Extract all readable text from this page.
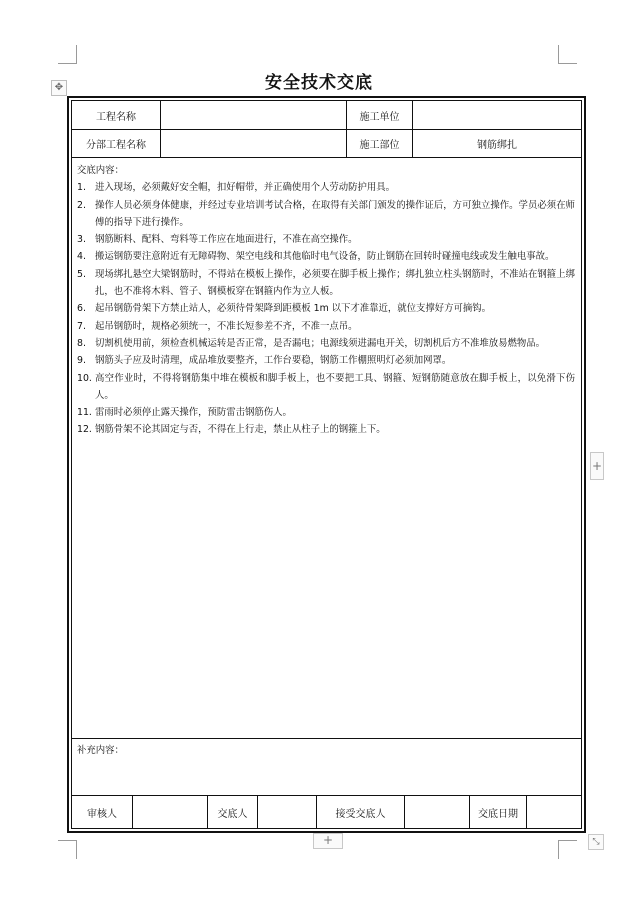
✥
+
+	⤡
安全技术交底
工程名称	施工单位
分部工程名称	施工部位	钢筋绑扎

交底内容：

1. 进入现场，必须戴好安全帽，扣好帽带，并正确使用个人劳动防护用具。
2. 操作人员必须身体健康，并经过专业培训考试合格，在取得有关部门颁发的操作证后，方可独立操作。学员必须在师傅的指导下进行操作。
3. 钢筋断料、配料、弯料等工作应在地面进行，不准在高空操作。
4. 搬运钢筋要注意附近有无障碍物、架空电线和其他临时电气设备，防止钢筋在回转时碰撞电线或发生触电事故。
5. 现场绑扎悬空大梁钢筋时，不得站在模板上操作，必须要在脚手板上操作；绑扎独立柱头钢筋时，不准站在钢箍上绑扎，也不准将木料、管子、钢模板穿在钢箍内作为立人板。
6. 起吊钢筋骨架下方禁止站人，必须待骨架降到距模板 1m 以下才准靠近，就位支撑好方可摘钩。
7. 起吊钢筋时，规格必须统一，不准长短参差不齐，不准一点吊。
8. 切割机使用前，须检查机械运转是否正常，是否漏电；电源线须进漏电开关，切割机后方不准堆放易燃物品。
9. 钢筋头子应及时清理，成品堆放要整齐，工作台要稳，钢筋工作棚照明灯必须加网罩。
10. 高空作业时，不得将钢筋集中堆在模板和脚手板上，也不要把工具、钢箍、短钢筋随意放在脚手板上，以免滑下伤人。
11. 雷雨时必须停止露天操作，预防雷击钢筋伤人。
12. 钢筋骨架不论其固定与否，不得在上行走，禁止从柱子上的钢箍上下。
补充内容：
审核人	交底人	接受交底人	交底日期
